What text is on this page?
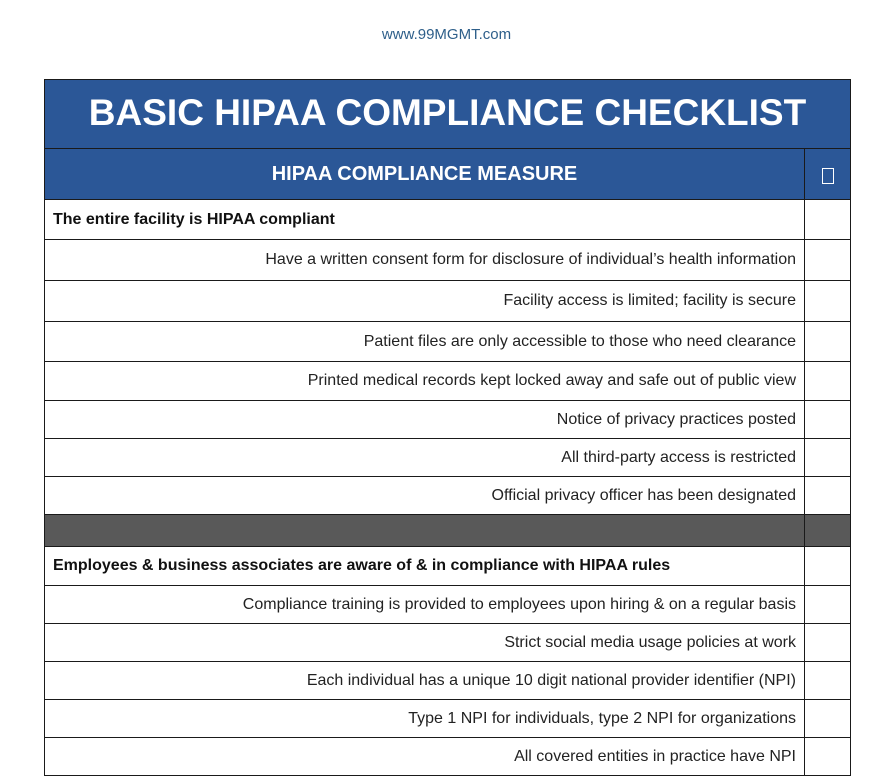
www.99MGMT.com
BASIC HIPAA COMPLIANCE CHECKLIST
HIPAA COMPLIANCE MEASURE
The entire facility is HIPAA compliant
Have a written consent form for disclosure of individual’s health information
Facility access is limited; facility is secure
Patient files are only accessible to those who need clearance
Printed medical records kept locked away and safe out of public view
Notice of privacy practices posted
All third-party access is restricted
Official privacy officer has been designated
Employees & business associates are aware of & in compliance with HIPAA rules
Compliance training is provided to employees upon hiring & on a regular basis
Strict social media usage policies at work
Each individual has a unique 10 digit national provider identifier (NPI)
Type 1 NPI for individuals, type 2 NPI for organizations
All covered entities in practice have NPI
